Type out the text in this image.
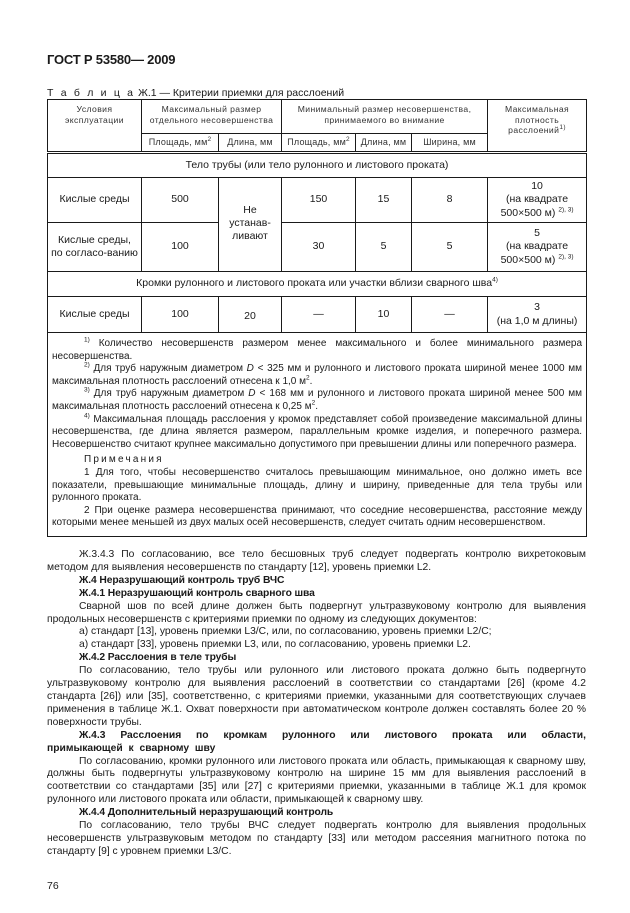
ГОСТ Р 53580— 2009
Т а б л и ц а Ж.1 — Критерии приемки для расслоений
Условия эксплуатации	Максимальный размер отдельного несовершенства		Минимальный размер несовершенства, принимаемого во внимание			Максимальная плотность расслоений$^{1)}$
	Площадь, $мм^2$	Длина, мм	Площадь, $мм^2$	Длина, мм	Ширина, мм	
Тело трубы (или тело рулонного и листового проката)						
Кислые среды	500	Не устанав-ливают	150	15	8	10
(на квадрате 500×500 м) $^{2), 3)}$

Кислые среды, по согласо-ванию	100		30	5	5	5
(на квадрате 500×500 м) $^{2), 3)}$

Кромки рулонного и листового проката или участки вблизи сварного шва$^{4)}$
Кислые среды	100	20	—	10	—	3
(на 1,0 м длины)

$^{1)}$ Количество несовершенств размером менее максимального и более минимального размера несовершенства.

$^{2)}$ Для труб наружным диаметром D < 325 мм и рулонного и листового проката шириной менее 1000 мм максимальная плотность расслоений отнесена к 1,0 $м^2$.

$^{3)}$ Для труб наружным диаметром D < 168 мм и рулонного и листового проката шириной менее 500 мм максимальная плотность расслоений отнесена к 0,25 $м^2$.

$^{4)}$ Максимальная площадь расслоения у кромок представляет собой произведение максимальной длины несовершенства, где длина является размером, параллельным кромке изделия, и поперечного размера. Несовершенство считают крупнее максимально допустимого при превышении длины или поперечного размера.

Примечания

1 Для того, чтобы несовершенство считалось превышающим минимальное, оно должно иметь все показатели, превышающие минимальные площадь, длину и ширину, приведенные для тела трубы или рулонного проката.

2 При оценке размера несовершенства принимают, что соседние несовершенства, расстояние между которыми менее меньшей из двух малых осей несовершенств, следует считать одним несовершенством.

Ж.3.4.3 По согласованию, все тело бесшовных труб следует подвергать контролю вихретоковым методом для выявления несовершенств по стандарту [12], уровень приемки L2.

Ж.4 Неразрушающий контроль труб ВЧС

Ж.4.1 Неразрушающий контроль сварного шва

Сварной шов по всей длине должен быть подвергнут ультразвуковому контролю для выявления продольных несовершенств с критериями приемки по одному из следующих документов:

а) стандарт [13], уровень приемки L3/C, или, по согласованию, уровень приемки L2/C;

а) стандарт [33], уровень приемки L3, или, по согласованию, уровень приемки L2.

Ж.4.2 Расслоения в теле трубы

По согласованию, тело трубы или рулонного или листового проката должно быть подвергнуто ультразвуковому контролю для выявления расслоений в соответствии со стандартами [26] (кроме 4.2 стандарта [26]) или [35], соответственно, с критериями приемки, указанными для соответствующих случаев применения в таблице Ж.1. Охват поверхности при автоматическом контроле должен составлять более 20 % поверхности трубы.

Ж.4.3 Расслоения по кромкам рулонного или листового проката или области, примыкающей к сварному шву

По согласованию, кромки рулонного или листового проката или область, примыкающая к сварному шву, должны быть подвергнуты ультразвуковому контролю на ширине 15 мм для выявления расслоений в соответствии со стандартами [35] или [27] с критериями приемки, указанными в таблице Ж.1 для кромок рулонного или листового проката или области, примыкающей к сварному шву.

Ж.4.4 Дополнительный неразрушающий контроль

По согласованию, тело трубы ВЧС следует подвергать контролю для выявления продольных несовершенств ультразвуковым методом по стандарту [33] или методом рассеяния магнитного потока по стандарту [9] с уровнем приемки L3/C.

76
